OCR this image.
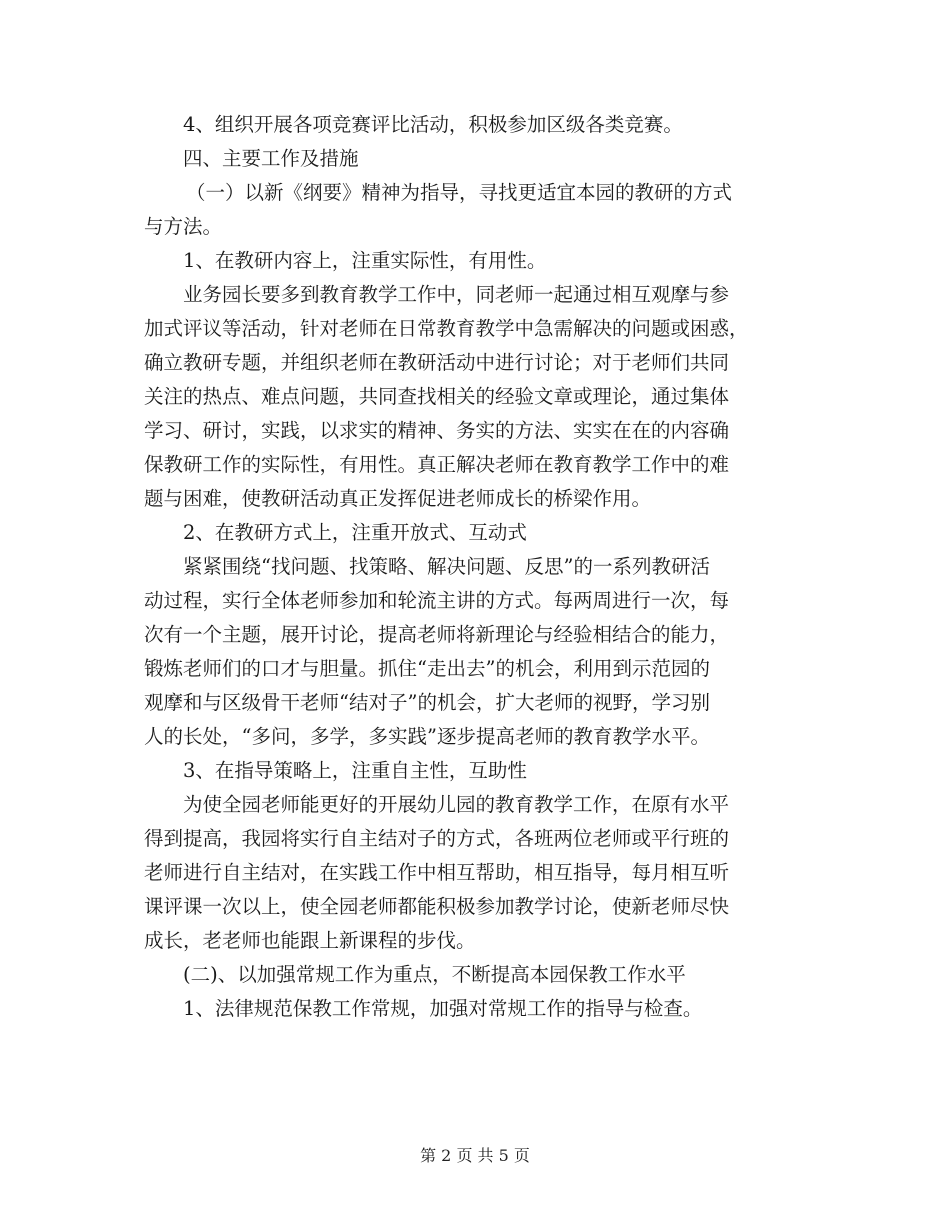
4、组织开展各项竞赛评比活动，积极参加区级各类竞赛。
四、主要工作及措施
（一）以新《纲要》精神为指导，寻找更适宜本园的教研的方式
与方法。
1、在教研内容上，注重实际性，有用性。
业务园长要多到教育教学工作中，同老师一起通过相互观摩与参
加式评议等活动，针对老师在日常教育教学中急需解决的问题或困惑，
确立教研专题，并组织老师在教研活动中进行讨论；对于老师们共同
关注的热点、难点问题，共同查找相关的经验文章或理论，通过集体
学习、研讨，实践，以求实的精神、务实的方法、实实在在的内容确
保教研工作的实际性，有用性。真正解决老师在教育教学工作中的难
题与困难，使教研活动真正发挥促进老师成长的桥梁作用。
2、在教研方式上，注重开放式、互动式
紧紧围绕“找问题、找策略、解决问题、反思”的一系列教研活
动过程，实行全体老师参加和轮流主讲的方式。每两周进行一次，每
次有一个主题，展开讨论，提高老师将新理论与经验相结合的能力，
锻炼老师们的口才与胆量。抓住“走出去”的机会，利用到示范园的
观摩和与区级骨干老师“结对子”的机会，扩大老师的视野，学习别
人的长处，“多问，多学，多实践”逐步提高老师的教育教学水平。
3、在指导策略上，注重自主性，互助性
为使全园老师能更好的开展幼儿园的教育教学工作，在原有水平
得到提高，我园将实行自主结对子的方式，各班两位老师或平行班的
老师进行自主结对，在实践工作中相互帮助，相互指导，每月相互听
课评课一次以上，使全园老师都能积极参加教学讨论，使新老师尽快
成长，老老师也能跟上新课程的步伐。
(二)、以加强常规工作为重点，不断提高本园保教工作水平
1、法律规范保教工作常规，加强对常规工作的指导与检查。

第 2 页 共 5 页
